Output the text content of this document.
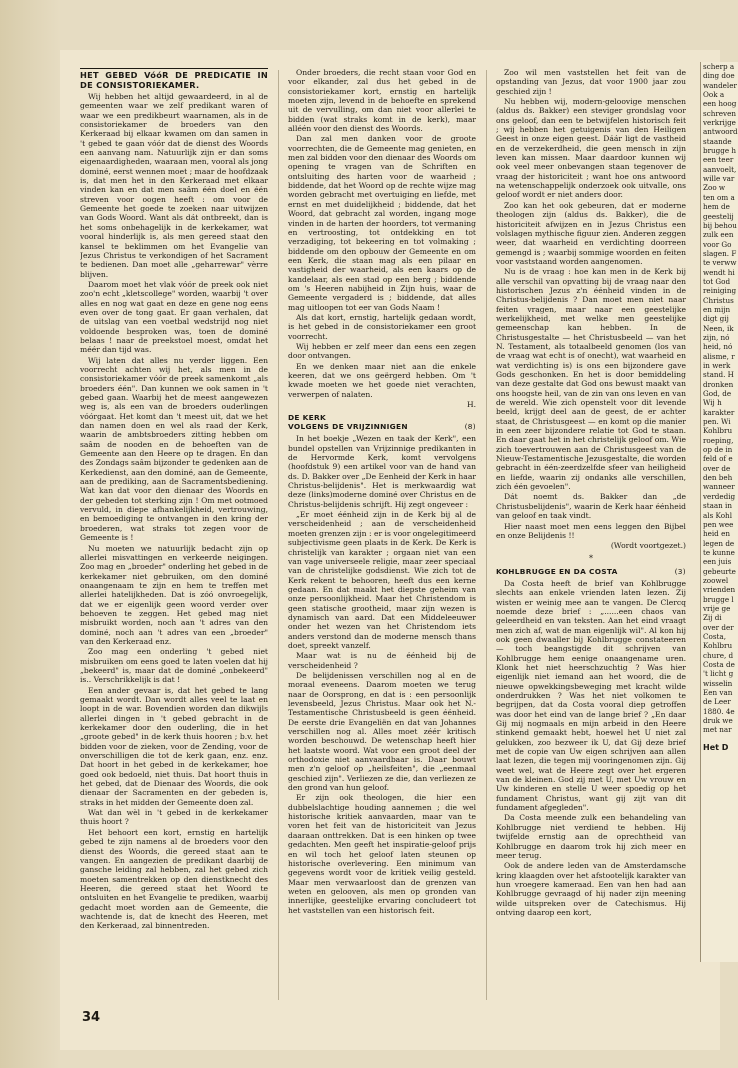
HET GEBED VóóR DE PREDICATIE IN DE CONSISTORIEKAMER.

Wij hebben het altijd gewaardeerd, in al de gemeenten waar we zelf predikant waren of waar we een predikbeurt waarnamen, als in de consistoriekamer de broeders van den Kerkeraad bij elkaar kwamen om dan samen in 't gebed te gaan vóór dat de dienst des Woords een aanvang nam. Natuurlijk zijn er dan soms eigenaardigheden, waaraan men, vooral als jong dominé, eerst wennen moet ; maar de hoofdzaak is, dat men het in den Kerkeraad met elkaar vinden kan en dat men saâm één doel en één streven voor oogen heeft : om voor de Gemeente het goede te zoeken naar uitwijzen van Gods Woord. Want als dát ontbreekt, dan is het soms onbehagelijk in de kerkekamer, wat vooral hinderlijk is, als men gereed staat den kansel te beklimmen om het Evangelie van Jezus Christus te verkondigen of het Sacrament te bedienen. Dan moet alle „geharrewar" vèrre blijven.

Daarom moet het vlak vóór de preek ook niet zoo'n echt „kletscollege" worden, waarbij 't over alles en nog wat gaat en deze en gene nog eens even over de tong gaat. Er gaan verhalen, dat de uitslag van een voetbal wedstrijd nog niet voldoende besproken was, toen de dominé belaas ! naar de preekstoel moest, omdat het méér dan tijd was.

Wij laten dat alles nu verder liggen. Een voorrecht achten wij het, als men in de consistoriekamer vóór de preek samenkomt „als broeders één". Dan kunnen we ook samen in 't gebed gaan. Waarbij het de meest aangewezen weg is, als een van de broeders ouderlingen vóórgaat. Het komt dan 't meest uit, dat we het dan namen doen en wel als raad der Kerk, waarin de ambtsbroeders zitting hebben om saâm de nooden en de behoeften van de Gemeente aan den Heere op te dragen. En dan des Zondags saâm bijzonder te gedenken aan de Kerkedienst, aan den dominé, aan de Gemeente, aan de prediking, aan de Sacramentsbediening. Wat kan dat voor den dienaar des Woords en der gebeden tot sterking zijn ! Om met ootmoed vervuld, in diepe afhankelijkheid, vertrouwing, en bemoediging te ontvangen in den kring der broederen, wat straks tot zegen voor de Gemeente is !

Nu moeten we natuurlijk bedacht zijn op allerlei misvattingen en verkeerde neigingen. Zoo mag en „broeder" onderling het gebed in de kerkekamer niet gebruiken, om den dominé onaangenaam te zijn en hem te treffen met allerlei hatelijkheden. Dat is zóó onvroegelijk, dat we er eigenlijk geen woord verder over behoeven te zeggen. Het gebed mag niet misbruikt worden, noch aan 't adres van den dominé, noch aan 't adres van een „broeder" van den Kerkeraad enz.

Zoo mag een onderling 't gebed niet misbruiken om eens goed te laten voelen dat hij „bekeerd" is, maar dat de dominé „onbekeerd" is.. Verschrikkelijk is dat !

Een ander gevaar is, dat het gebed te lang gemaakt wordt. Dan wordt alles veel te laat en loopt in de war. Bovendien worden dan dikwijls allerlei dingen in 't gebed gebracht in de kerkekamer door den ouderling, die in het „groote gebed" in de kerk thuis hooren ; b.v. het bidden voor de zieken, voor de Zending, voor de onverschilligen die tot de kerk gaan, enz. enz. Dat hoort in het gebed in de kerkekamer, hoe goed ook bedoeld, niet thuis. Dat hoort thuis in het gebed, dat de Dienaar des Woords, die ook dienaar der Sacramenten en der gebeden is, straks in het midden der Gemeente doen zal.

Wat dan wèl in 't gebed in de kerkekamer thuis hoort ?

Het behoort een kort, ernstig en hartelijk gebed te zijn namens al de broeders voor den dienst des Woords, die gereed staat aan te vangen. En aangezien de predikant daarbij de gansche leiding zal hebben, zal het gebed zich moeten samentrekken op den dienstknecht des Heeren, die gereed staat het Woord te ontsluiten en het Evangelie te prediken, waarbij gedacht moet worden aan de Gemeente, die wachtende is, dat de knecht des Heeren, met den Kerkeraad, zal binnentreden.

Onder broeders, die recht staan voor God en voor elkander, zal dus het gebed in de consistoriekamer kort, ernstig en hartelijk moeten zijn, levend in de behoefte en sprekend uit de vervulling, om dan niet voor allerlei te bidden (wat straks komt in de kerk), maar alléén voor den dienst des Woords.

Dan zal men danken voor de groote voorrechten, die de Gemeente mag genieten, en men zal bidden voor den dienaar des Woords om opening te vragen van de Schriften en ontsluiting des harten voor de waarheid ; biddende, dat het Woord op de rechte wijze mag worden gebracht met overtuiging en liefde, met ernst en met duidelijkheid ; biddende, dat het Woord, dat gebracht zal worden, ingang moge vinden in de harten der hoorders, tot vermaning en vertroosting, tot ontdekking en tot verzadiging, tot bekeering en tot volmaking ; biddende om den opbouw der Gemeente en om een Kerk, die staan mag als een pilaar en vastigheid der waarheid, als een kaars op de kandelaar, als een stad op een berg ; biddende om 's Heeren nabijheid in Zijn huis, waar de Gemeente vergaderd is ; biddende, dat alles mag uitloopen tot eer van Gods Naam !

Als dat kort, ernstig, hartelijk gedaan wordt, is het gebed in de consistoriekamer een groot voorrecht.

Wij hebben er zelf meer dan eens een zegen door ontvangen.

En we denken maar niet aan die enkele keeren, dat we ons geërgerd hebben. Om 't kwade moeten we het goede niet verachten, verwerpen of nalaten.

H.
DE KERK
VOLGENS DE VRIJZINNIGEN	(8)

In het boekje „Wezen en taak der Kerk", een bundel opstellen van Vrijzinnige predikanten in de Hervormde Kerk, komt vervolgens (hoofdstuk 9) een artikel voor van de hand van ds. D. Bakker over „De Eenheid der Kerk in haar Christus-belijdenis". Het is merkwaardig wat deze (links)moderne dominé over Christus en de Christus-belijdenis schrijft. Hij zegt ongeveer :

„Er moet éénheid zijn in de Kerk bij al de verscheidenheid ; aan de verscheidenheid moeten grenzen zijn : er is voor ongelegitimeerd subjectivisme geen plaats in de Kerk. De Kerk is christelijk van karakter ; orgaan niet van een van vage universeele religie, maar zeer speciaal van de christelijke godsdienst. Wie zich tot de Kerk rekent te behooren, heeft dus een kerne gedaan. En dat maakt het diepste geheim van onze persoonlijkheid. Maar het Christendom is geen statische grootheid, maar zijn wezen is dynamisch van aard. Dat een Middeleeuwer onder het wezen van het Christendom iets anders verstond dan de moderne mensch thans doet, spreekt vanzelf.

Maar wat is nu de éénheid bij de verscheidenheid ?

De belijdenissen verschillen nog al en de moraal eveneens. Daarom moeten we terug naar de Oorsprong, en dat is : een persoonlijk levensbeeld, Jezus Christus. Maar ook het N.-Testamentische Christusbeeld is geen éénheid. De eerste drie Evangeliën en dat van Johannes verschillen nog al. Alles moet zéér kritisch worden beschouwd. De wetenschap heeft hier het laatste woord. Wat voor een groot deel der orthodoxie niet aanvaardbaar is. Daar bouwt men z'n geloof op „heilsfeiten", die „eenmaal geschied zijn". Verliezen ze die, dan verliezen ze den grond van hun geloof.

Er zijn ook theologen, die hier een dubbelslachtige houding aannemen ; die wel historische kritiek aanvaarden, maar van te voren het feit van de historiciteit van Jezus daaraan onttrekken. Dat is een hinken op twee gedachten. Men geeft het inspiratie-geloof prijs en wil toch het geloof laten steunen op historische overlevering. Een minimum van gegevens wordt voor de kritiek veilig gesteld. Maar men verwaarloost dan de grenzen van weten en gelooven, als men op gronden van innerlijke, geestelijke ervaring concludeert tot het vaststellen van een historisch feit.

Zoo wil men vaststellen het feit van de opstanding van Jezus, dat voor 1900 jaar zou geschied zijn !

Nu hebben wij, modern-geloovige menschen (aldus ds. Bakker) een steviger grondslag voor ons geloof, dan een te betwijfelen historisch feit ; wij hebben het getuigenis van den Heiligen Geest in onze eigen geest. Dáár ligt de vastheid en de verzekerdheid, die geen mensch in zijn leven kan missen. Maar daardoor kunnen wij ook veel meer onbevangen staan tegenover de vraag der historiciteit ; want hoe ons antwoord na wetenschappelijk onderzoek ook uitvalle, ons geloof wordt er niet anders door.

Zoo kan het ook gebeuren, dat er moderne theologen zijn (aldus ds. Bakker), die de historiciteit afwijzen en in Jezus Christus een volslagen mythische figuur zien. Anderen zeggen weer, dat waarheid en verdichting doorreen gemengd is ; waarbij sommige woorden en feiten voor vaststaand worden aangenomen.

Nu is de vraag : hoe kan men in de Kerk bij alle verschil van opvatting bij de vraag naar den historischen Jezus z'n éénheid vinden in de Christus-belijdenis ? Dan moet men niet naar feiten vragen, maar naar een geestelijke werkelijkheid, met welke men geestelijke gemeenschap kan hebben. In de Christusgestalte — het Christusbeeld — van het N. Testament, als totaalbeeld genomen (los van de vraag wat echt is of onecht), wat waarheid en wat verdichting is) is ons een bijzondere gave Gods geschonken. En het is door bemiddeling van deze gestalte dat God ons bewust maakt van ons hoogste heil, van de zin van ons leven en van de wereld. Wie zich openstelt voor dit levende beeld, krijgt deel aan de geest, de er achter staat, de Christusgeest — en komt op die manier in een zeer bijzondere relatie tot God te staan. En daar gaat het in het christelijk geloof om. Wie zich toevertrouwen aan de Christusgeest van de Nieuw-Testamentische Jezusgestalte, die worden gebracht in één-zeerdzelfde sfeer van heiligheid en liefde, waarin zij ondanks alle verschillen, zich één gevoelen".

Dát noemt ds. Bakker dan „de Christusbelijdenis", waarin de Kerk haar éénheid van geloof en taak vindt.

Hier naast moet men eens leggen den Bijbel en onze Belijdenis !!

(Wordt voortgezet.)
*
KOHLBRUGGE EN DA COSTA	(3)

Da Costa heeft de brief van Kohlbrugge slechts aan enkele vrienden laten lezen. Zij wisten er weinig mee aan te vangen. De Clercq noemde deze brief : „......een chaos van geleerdheid en van teksten. Aan het eind vraagt men zich af, wat de man eigenlijk wil". Al kon hij ook geen dwaaller bij Kohlbrugge constateeren — toch beangstigde dit schrijven van Kohlbrugge hem eenige onaangename uren. Klonk het niet heerschzuchtig ? Was hier eigenlijk niet iemand aan het woord, die de nieuwe opwekkingsbeweging met kracht wilde onderdrukken ? Was het niet volkomen te begrijpen, dat da Costa vooral diep getroffen was door het eind van de lange brief ? „En daar Gij mij nogmaals en mijn arbeid in den Heere stinkend gemaakt hebt, hoewel het U niet zal gelukken, zoo bezweer ik U, dat Gij deze brief met de copie van Uw eigen schrijven aan allen laat lezen, die tegen mij vooringenomen zijn. Gij weet wel, wat de Heere zegt over het ergeren van de kleinen. God zij met U, met Uw vrouw en Uw kinderen en stelle U weer spoedig op het fundament Christus, want gij zijt van dit fundament afgegleden".

Da Costa meende zulk een behandeling van Kohlbrugge niet verdiend te hebben. Hij twijfelde ernstig aan de oprechtheid van Kohlbrugge en daarom trok hij zich meer en meer terug.

Ook de andere leden van de Amsterdamsche kring klaagden over het afstootelijk karakter van hun vroegere kameraad. Een van hen had aan Kohlbrugge gevraagd of hij nader zijn meening wilde uitspreken over de Catechismus. Hij ontving daarop een kort,

34
scherp a
ding doe
wandeler
Ook a
een hoog
schreven
verkrijge
antwoord
staande
brugge h
een teer
aanvoelt,
wille var
Zoo w
ten om a
hem de
geestelij
bij behou
zulk een
voor Go
slagen. F
te verww
wendt hi
tot God
reiniging
Christus
en mijn
digt gij
Neen, ik
zijn, nó
heid, nó
alisme, r
in werk
stand. H
dronken
God, de
Wij h
karakter
pen. Wi
Kohlbru
roeping,
op de in
feld of e
over de
den beh
wanneer
verdedig
staan in
als Kohl
pen wee
heid en
legen de
te kunne
een juis
gebeurte
zoowel
vrienden
brugge l
vrije ge
Zij di
over der
Costa,
Kohlbru
chure, d
Costa de
't licht g
wisselin
Een van
de Leer
1880. 4e
druk we
met nar
Het D
